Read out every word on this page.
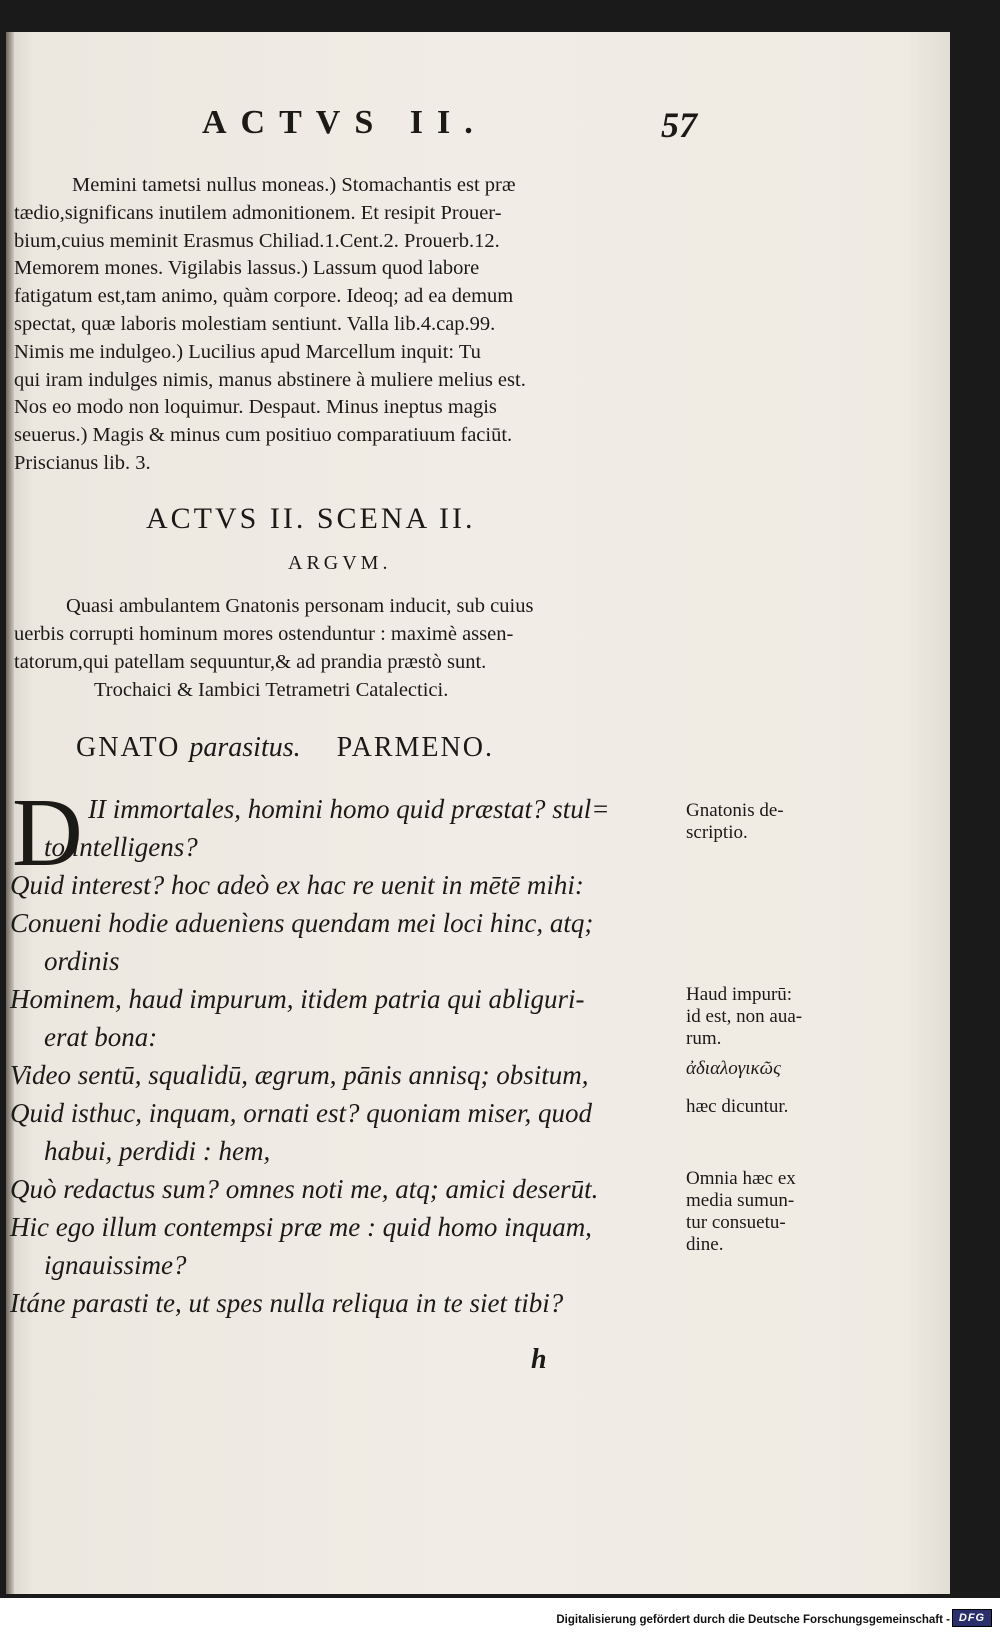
ACTVS II.	57

Memini tametsi nullus moneas.) Stomachantis est præ
tædio,significans inutilem admonitionem. Et resipit Prouer-
bium,cuius meminit Erasmus Chiliad.1.Cent.2. Prouerb.12.
Memorem mones. Vigilabis lassus.) Lassum quod labore
fatigatum est,tam animo, quàm corpore. Ideoq; ad ea demum
spectat, quæ laboris molestiam sentiunt. Valla lib.4.cap.99.
Nimis me indulgeo.) Lucilius apud Marcellum inquit: Tu
qui iram indulges nimis, manus abstinere à muliere melius est.
Nos eo modo non loquimur. Despaut. Minus ineptus magis
seuerus.) Magis & minus cum positiuo comparatiuum faciūt.
Priscianus lib. 3.

ACTVS II. SCENA II.
ARGVM.
Quasi ambulantem Gnatonis personam inducit, sub cuius
uerbis corrupti hominum mores ostenduntur : maximè assen-
tatorum,qui patellam sequuntur,& ad prandia præstò sunt.
Trochaici & Iambici Tetrametri Catalectici.
GNATO parasitus. PARMENO.
D II immortales, homini homo quid præstat? stul=
to intelligens?
Quid interest? hoc adeò ex hac re uenit in mētē mihi:
Conueni hodie aduenìens quendam mei loci hinc, atq;
ordinis
Hominem, haud impurum, itidem patria qui abliguri-
erat bona:
Video sentū, squalidū, ægrum, pānis annisq; obsitum,
Quid isthuc, inquam, ornati est? quoniam miser, quod
habui, perdidi : hem,
Quò redactus sum? omnes noti me, atq; amici deserūt.
Hic ego illum contempsi præ me : quid homo inquam,
ignauissime?
Itáne parasti te, ut spes nulla reliqua in te siet tibi?
Gnatonis de-
scriptio.
Haud impurū:
id est, non aua-
rum.
ἀδιαλογικῶς
hæc dicuntur.
Omnia hæc ex
media sumun-
tur consuetu-
dine.
h
Digitalisierung gefördert durch die Deutsche Forschungsgemeinschaft - DFG
